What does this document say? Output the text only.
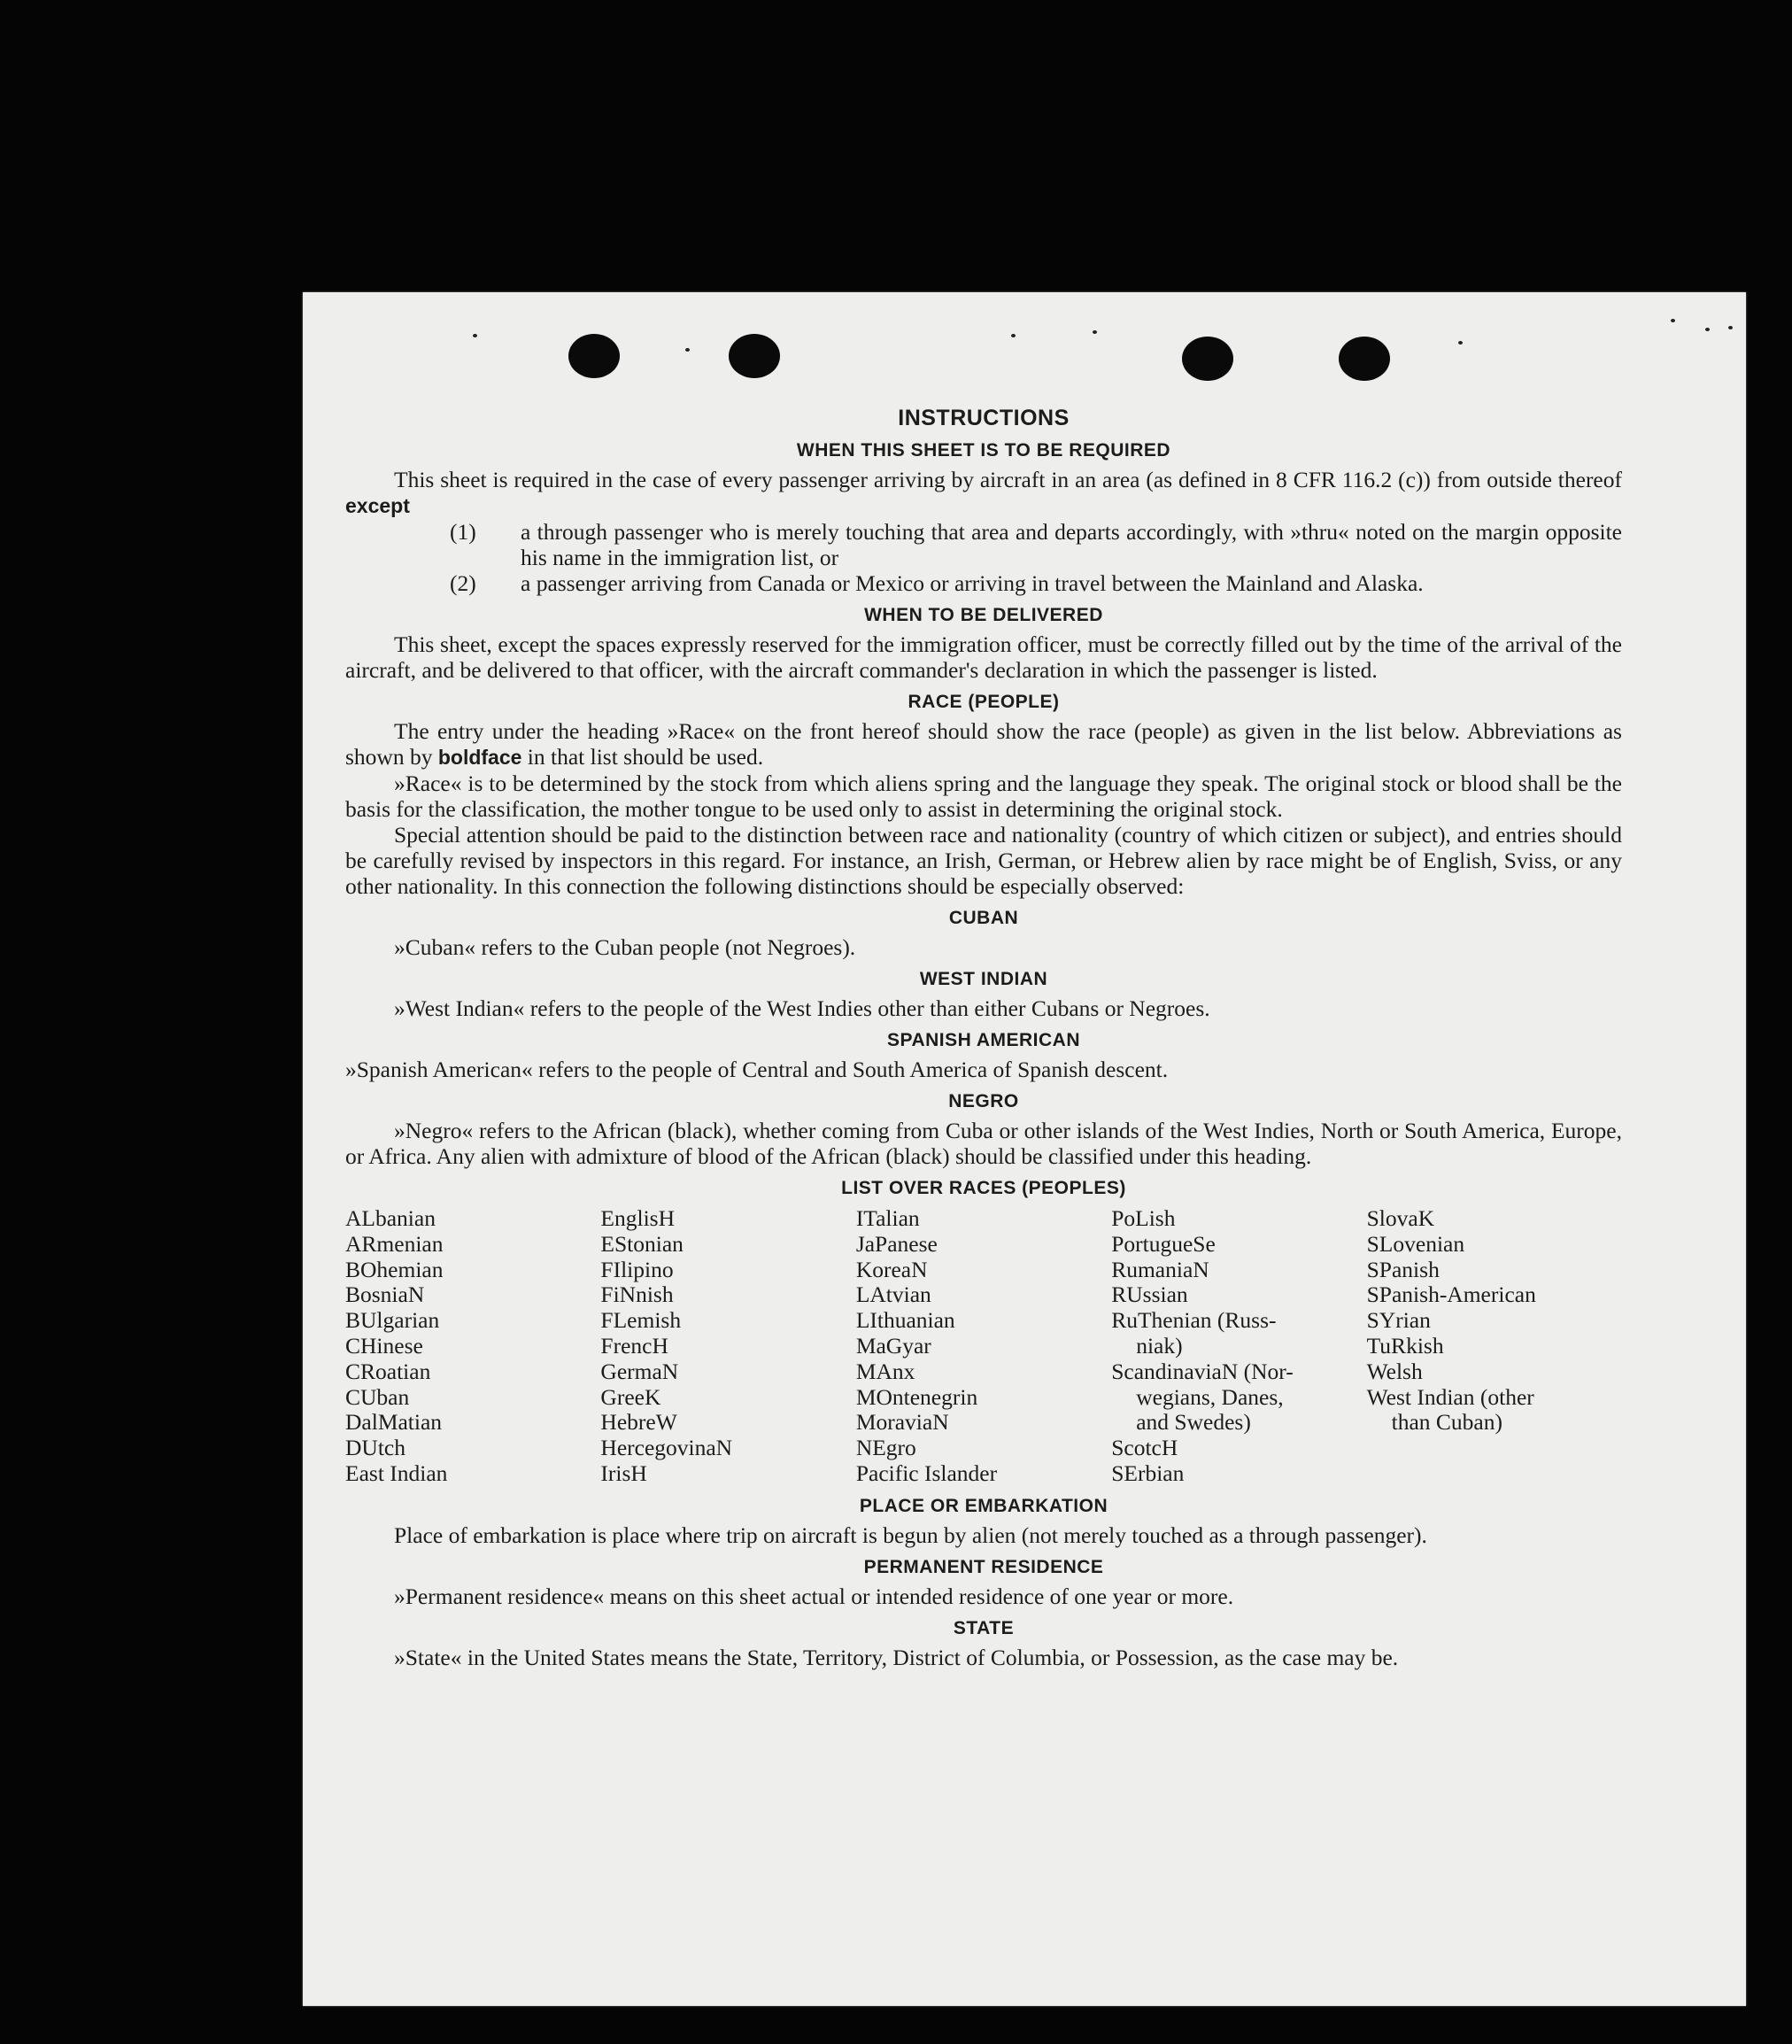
INSTRUCTIONS
WHEN THIS SHEET IS TO BE REQUIRED

This sheet is required in the case of every passenger arriving by aircraft in an area (as defined in 8 CFR 116.2 (c)) from outside thereof except

(1)	a through passenger who is merely touching that area and departs accordingly, with »thru« noted on the margin opposite his name in the immigration list, or
(2)	a passenger arriving from Canada or Mexico or arriving in travel between the Mainland and Alaska.
WHEN TO BE DELIVERED

This sheet, except the spaces expressly reserved for the immigration officer, must be correctly filled out by the time of the arrival of the aircraft, and be delivered to that officer, with the aircraft commander's declaration in which the passenger is listed.

RACE (PEOPLE)

The entry under the heading »Race« on the front hereof should show the race (people) as given in the list below. Abbreviations as shown by boldface in that list should be used.

»Race« is to be determined by the stock from which aliens spring and the language they speak. The original stock or blood shall be the basis for the classification, the mother tongue to be used only to assist in determining the original stock.

Special attention should be paid to the distinction between race and nationality (country of which citizen or subject), and entries should be carefully revised by inspectors in this regard. For instance, an Irish, German, or Hebrew alien by race might be of English, Sviss, or any other nationality. In this connection the following distinctions should be especially observed:

CUBAN

»Cuban« refers to the Cuban people (not Negroes).

WEST INDIAN

»West Indian« refers to the people of the West Indies other than either Cubans or Negroes.

SPANISH AMERICAN

»Spanish American« refers to the people of Central and South America of Spanish descent.

NEGRO

»Negro« refers to the African (black), whether coming from Cuba or other islands of the West Indies, North or South America, Europe, or Africa. Any alien with admixture of blood of the African (black) should be classified under this heading.

LIST OVER RACES (PEOPLES)
ALbanian
ARmenian
BOhemian
BosniaN
BUlgarian
CHinese
CRoatian
CUban
DalMatian
DUtch
East Indian
EnglisH
EStonian
FIlipino
FiNnish
FLemish
FrencH
GermaN
GreeK
HebreW
HercegovinaN
IrisH
ITalian
JaPanese
KoreaN
LAtvian
LIthuanian
MaGyar
MAnx
MOntenegrin
MoraviaN
NEgro
Pacific Islander
PoLish
PortugueSe
RumaniaN
RUssian
RuThenian (Russ-
niak)
ScandinaviaN (Nor-
wegians, Danes,
and Swedes)
ScotcH
SErbian
SlovaK
SLovenian
SPanish
SPanish-American
SYrian
TuRkish
Welsh
West Indian (other
than Cuban)
PLACE OR EMBARKATION

Place of embarkation is place where trip on aircraft is begun by alien (not merely touched as a through passenger).

PERMANENT RESIDENCE

»Permanent residence« means on this sheet actual or intended residence of one year or more.

STATE

»State« in the United States means the State, Territory, District of Columbia, or Possession, as the case may be.
